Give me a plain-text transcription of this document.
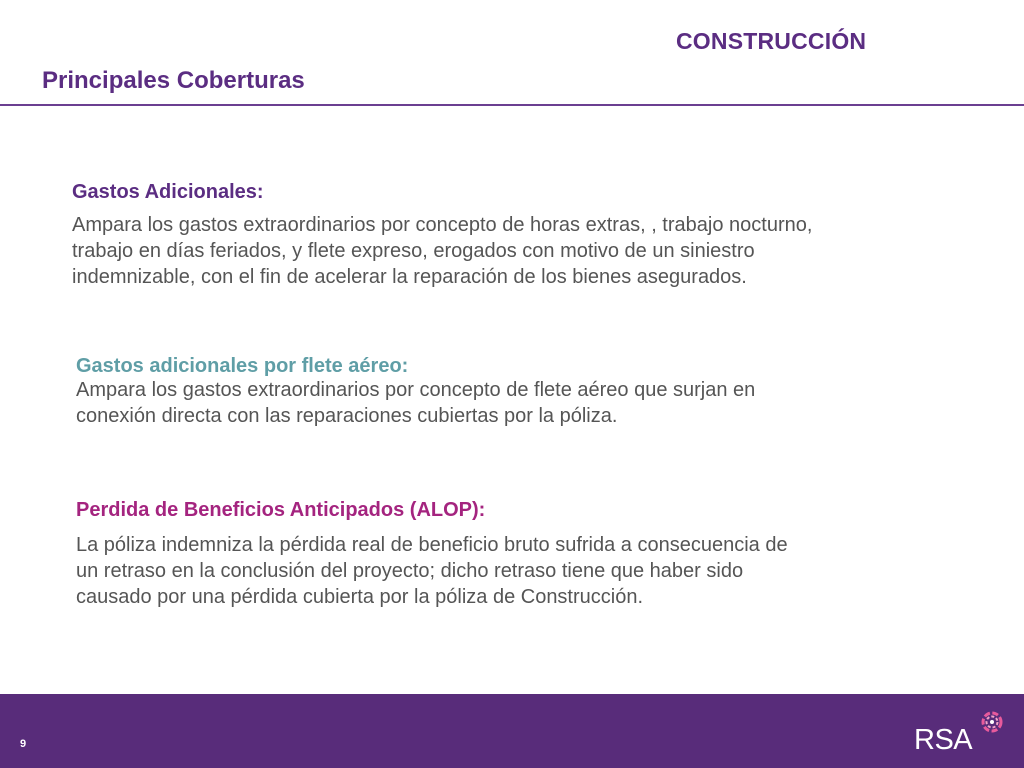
CONSTRUCCIÓN
Principales Coberturas

Gastos Adicionales:

Ampara los gastos extraordinarios por concepto de horas extras, , trabajo nocturno,
trabajo en días feriados, y flete expreso, erogados con motivo de un siniestro
indemnizable, con el fin de acelerar la reparación de los bienes asegurados.

Gastos adicionales por flete aéreo:

Ampara los gastos extraordinarios por concepto de flete aéreo que surjan en
conexión directa con las reparaciones cubiertas por la póliza.

Perdida de Beneficios Anticipados (ALOP):

La póliza indemniza la pérdida real de beneficio bruto sufrida a consecuencia de
un retraso en la conclusión del proyecto; dicho retraso tiene que haber sido
causado por una pérdida cubierta por la póliza de Construcción.
9	RSA
